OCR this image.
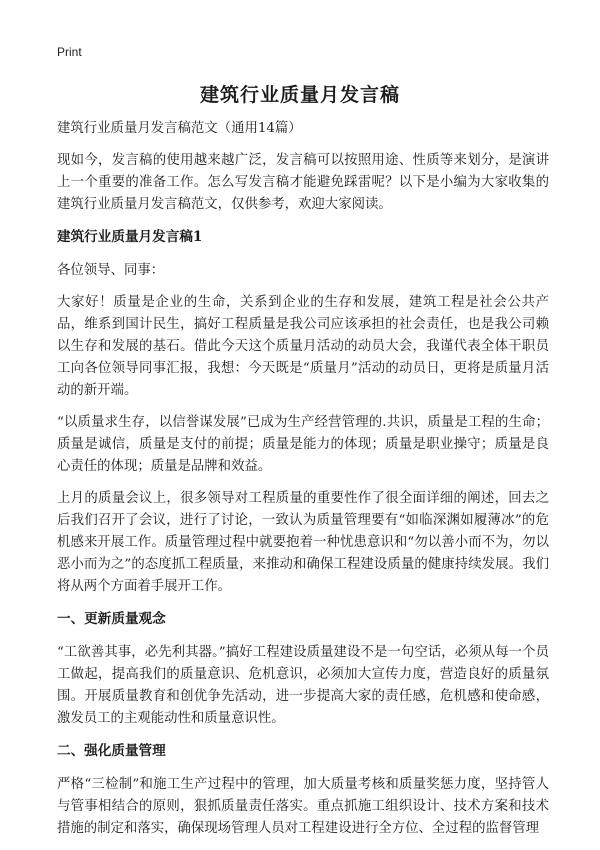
Print
建筑行业质量月发言稿

建筑行业质量月发言稿范文（通用14篇）

现如今，发言稿的使用越来越广泛，发言稿可以按照用途、性质等来划分，是演讲上一个重要的准备工作。怎么写发言稿才能避免踩雷呢？以下是小编为大家收集的建筑行业质量月发言稿范文，仅供参考，欢迎大家阅读。

建筑行业质量月发言稿1

各位领导、同事：

大家好！质量是企业的生命，关系到企业的生存和发展，建筑工程是社会公共产品，维系到国计民生，搞好工程质量是我公司应该承担的社会责任，也是我公司赖以生存和发展的基石。借此今天这个质量月活动的动员大会，我谨代表全体干职员工向各位领导同事汇报，我想：今天既是“质量月”活动的动员日，更将是质量月活动的新开端。

“以质量求生存，以信誉谋发展”已成为生产经营管理的.共识，质量是工程的生命；质量是诚信，质量是支付的前提；质量是能力的体现；质量是职业操守；质量是良心责任的体现；质量是品牌和效益。

上月的质量会议上，很多领导对工程质量的重要性作了很全面详细的阐述，回去之后我们召开了会议，进行了讨论，一致认为质量管理要有“如临深渊如履薄冰”的危机感来开展工作。质量管理过程中就要抱着一种忧患意识和“勿以善小而不为，勿以恶小而为之”的态度抓工程质量，来推动和确保工程建设质量的健康持续发展。我们将从两个方面着手展开工作。

一、更新质量观念

“工欲善其事，必先利其器。”搞好工程建设质量建设不是一句空话，必须从每一个员工做起，提高我们的质量意识、危机意识，必须加大宣传力度，营造良好的质量氛围。开展质量教育和创优争先活动，进一步提高大家的责任感，危机感和使命感，激发员工的主观能动性和质量意识性。

二、强化质量管理

严格“三检制”和施工生产过程中的管理，加大质量考核和质量奖惩力度，坚持管人与管事相结合的原则，狠抓质量责任落实。重点抓施工组织设计、技术方案和技术措施的制定和落实，确保现场管理人员对工程建设进行全方位、全过程的监督管理
